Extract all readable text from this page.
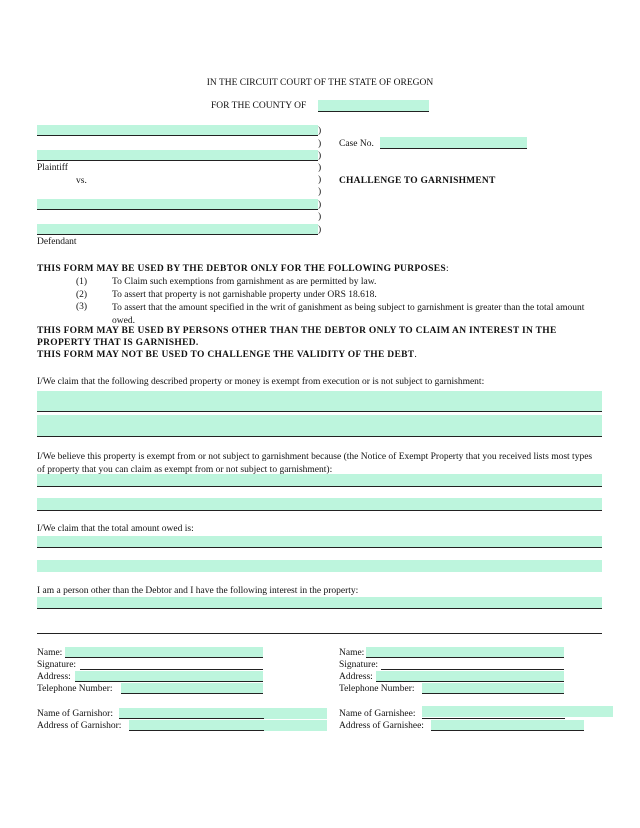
IN THE CIRCUIT COURT OF THE STATE OF OREGON
FOR THE COUNTY OF
Plaintiff
vs.
Defendant
)
)
)
)
)
)
)
)
)
Case No.
CHALLENGE TO GARNISHMENT
THIS FORM MAY BE USED BY THE DEBTOR ONLY FOR THE FOLLOWING PURPOSES:
(1)	To Claim such exemptions from garnishment as are permitted by law.
(2)	To assert that property is not garnishable property under ORS 18.618.
(3)	To assert that the amount specified in the writ of ganishment as being subject to garnishment is greater than the total amount owed.
THIS FORM MAY BE USED BY PERSONS OTHER THAN THE DEBTOR ONLY TO CLAIM AN INTEREST IN THE
PROPERTY THAT IS GARNISHED.
THIS FORM MAY NOT BE USED TO CHALLENGE THE VALIDITY OF THE DEBT.
I/We claim that the following described property or money is exempt from execution or is not subject to garnishment:
I/We believe this property is exempt from or not subject to garnishment because (the Notice of Exempt Property that you received lists most types of property that you can claim as exempt from or not subject to garnishment):
I/We claim that the total amount owed is:
I am a person other than the Debtor and I have the following interest in the property:
Name:
Signature:
Address:
Telephone Number:
Name of Garnishor:
Address of Garnishor:
Name:
Signature:
Address:
Telephone Number:
Name of Garnishee:
Address of Garnishee:
